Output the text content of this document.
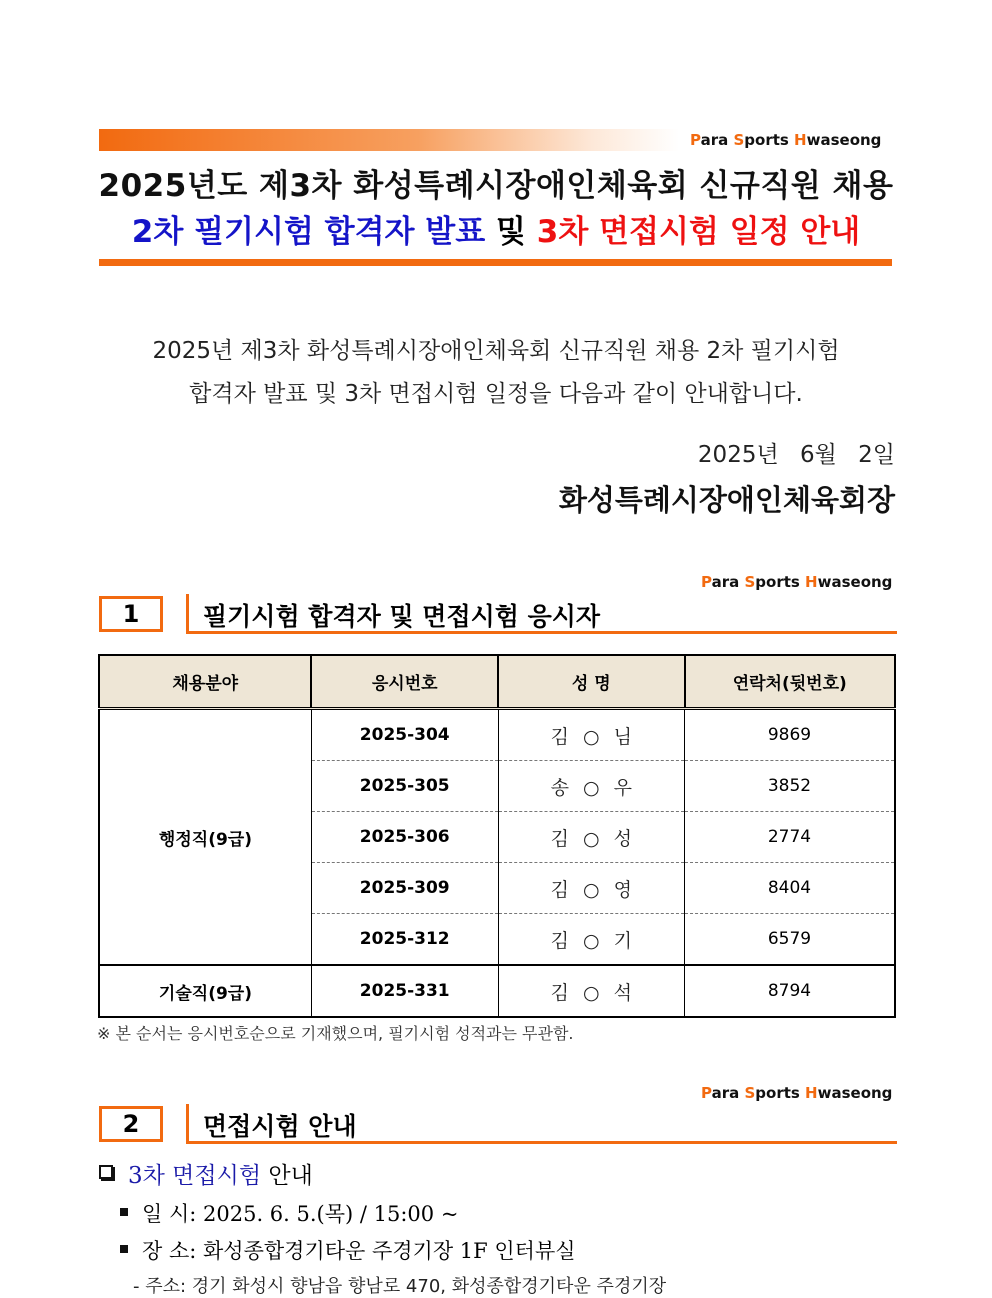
Para Sports Hwaseong
2025년도 제3차 화성특례시장애인체육회 신규직원 채용
2차 필기시험 합격자 발표 및 3차 면접시험 일정 안내
2025년 제3차 화성특례시장애인체육회 신규직원 채용 2차 필기시험
합격자 발표 및 3차 면접시험 일정을 다음과 같이 안내합니다.
2025년 6월 2일
화성특례시장애인체육회장
Para Sports Hwaseong
1	필기시험 합격자 및 면접시험 응시자
채용분야	응시번호	성 명	연락처(뒷번호)
행정직(9급)	2025-304	김 ○ 님	9869
	2025-305	송 ○ 우	3852
	2025-306	김 ○ 성	2774
	2025-309	김 ○ 영	8404
	2025-312	김 ○ 기	6579
기술직(9급)	2025-331	김 ○ 석	8794
※ 본 순서는 응시번호순으로 기재했으며, 필기시험 성적과는 무관함.
Para Sports Hwaseong
2	면접시험 안내
3차 면접시험 안내
일 시: 2025. 6. 5.(목) / 15:00 ~
장 소: 화성종합경기타운 주경기장 1F 인터뷰실
- 주소: 경기 화성시 향남읍 향남로 470, 화성종합경기타운 주경기장
